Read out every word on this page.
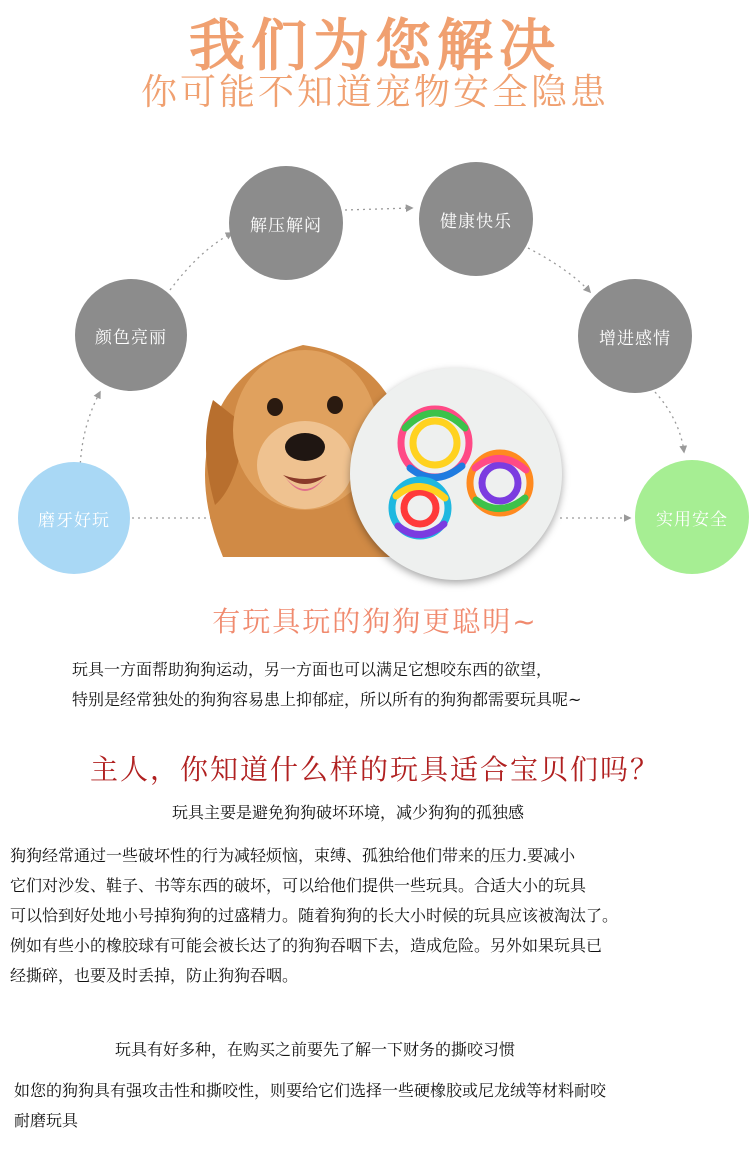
我们为您解决
你可能不知道宠物安全隐患
磨牙好玩
颜色亮丽
解压解闷	健康快乐
增进感情
实用安全
有玩具玩的狗狗更聪明~
玩具一方面帮助狗狗运动，另一方面也可以满足它想咬东西的欲望，
特别是经常独处的狗狗容易患上抑郁症，所以所有的狗狗都需要玩具呢~
主人，你知道什么样的玩具适合宝贝们吗？
玩具主要是避免狗狗破坏环境，减少狗狗的孤独感
狗狗经常通过一些破坏性的行为减轻烦恼，束缚、孤独给他们带来的压力.要减小
它们对沙发、鞋子、书等东西的破坏，可以给他们提供一些玩具。合适大小的玩具
可以恰到好处地小号掉狗狗的过盛精力。随着狗狗的长大小时候的玩具应该被淘汰了。
例如有些小的橡胶球有可能会被长达了的狗狗吞咽下去，造成危险。另外如果玩具已
经撕碎，也要及时丢掉，防止狗狗吞咽。
玩具有好多种，在购买之前要先了解一下财务的撕咬习惯
如您的狗狗具有强攻击性和撕咬性，则要给它们选择一些硬橡胶或尼龙绒等材料耐咬
耐磨玩具
